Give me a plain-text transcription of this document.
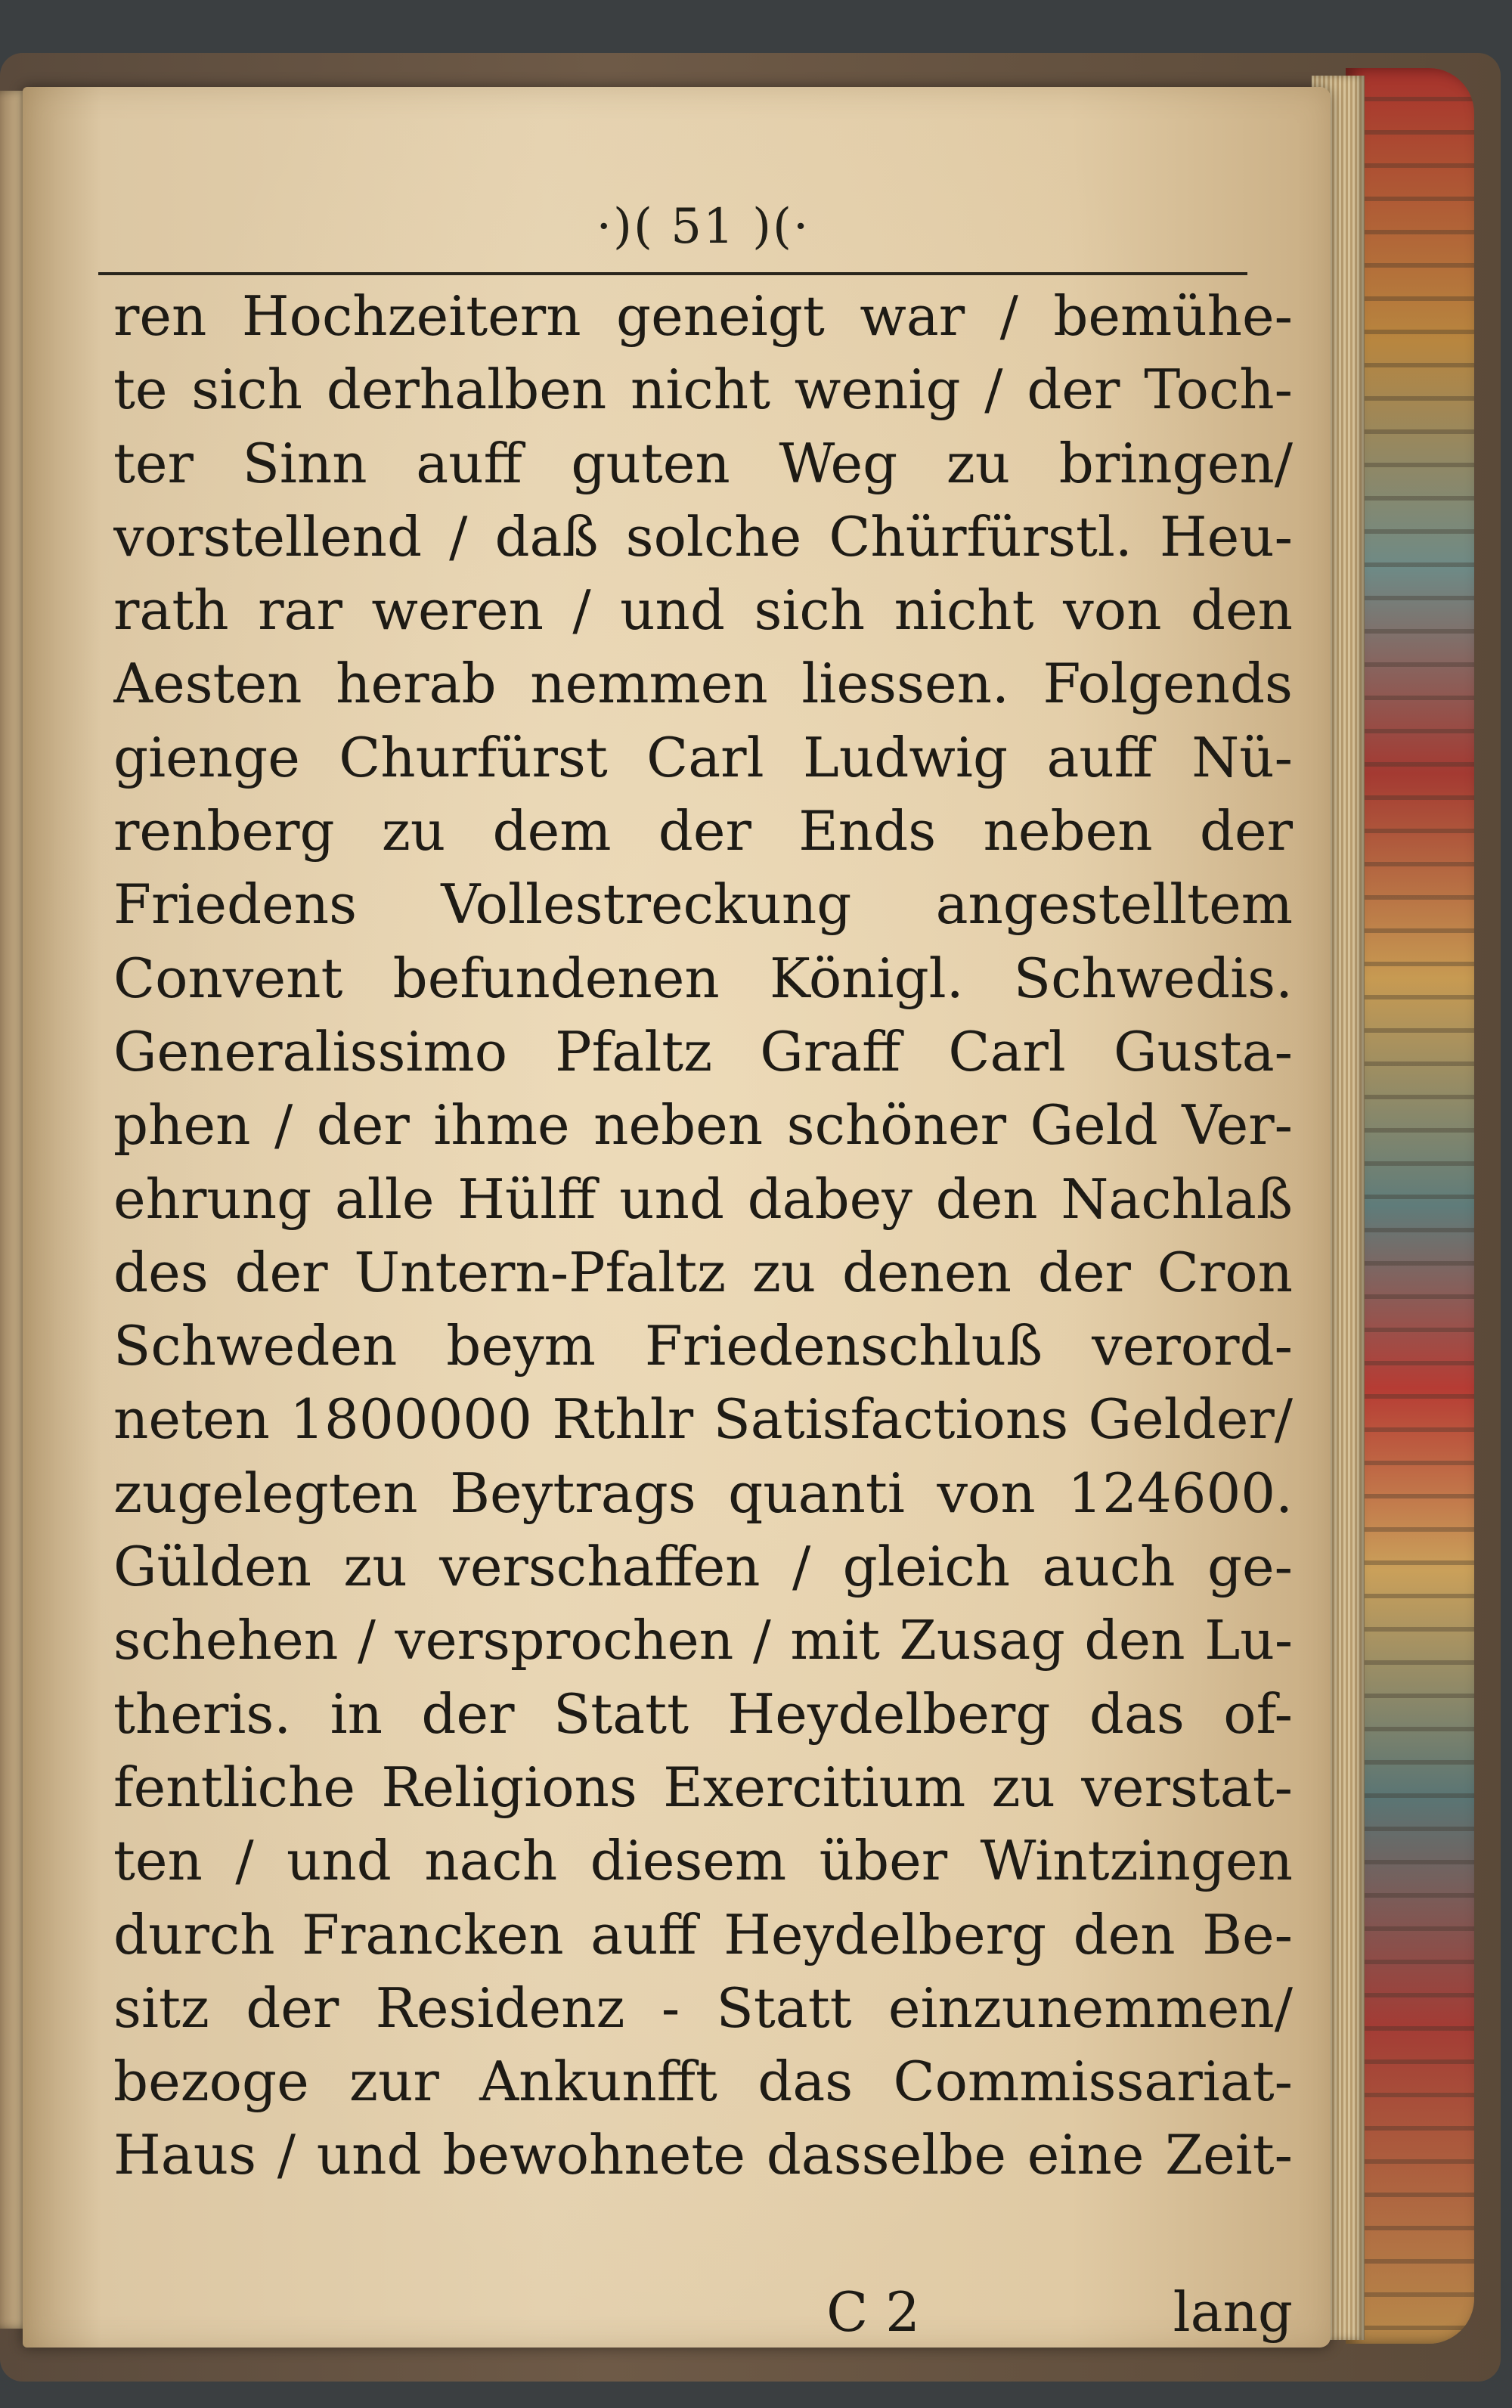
·)( 51 )(·
ren Hochzeitern geneigt war / bemühe-
te sich derhalben nicht wenig / der Toch-
ter Sinn auff guten Weg zu bringen/
vorstellend / daß solche Chürfürstl. Heu-
rath rar weren / und sich nicht von den
Aesten herab nemmen liessen. Folgends
gienge Churfürst Carl Ludwig auff Nü-
renberg zu dem der Ends neben der
Friedens Vollestreckung angestelltem
Convent befundenen Königl. Schwedis.
Generalissimo Pfaltz Graff Carl Gusta-
phen / der ihme neben schöner Geld Ver-
ehrung alle Hülff und dabey den Nachlaß
des der Untern-Pfaltz zu denen der Cron
Schweden beym Friedenschluß verord-
neten 1800000 Rthlr Satisfactions Gelder/
zugelegten Beytrags quanti von 124600.
Gülden zu verschaffen / gleich auch ge-
schehen / versprochen / mit Zusag den Lu-
theris. in der Statt Heydelberg das of-
fentliche Religions Exercitium zu verstat-
ten / und nach diesem über Wintzingen
durch Francken auff Heydelberg den Be-
sitz der Residenz - Statt einzunemmen/
bezoge zur Ankunfft das Commissariat-
Haus / und bewohnete dasselbe eine Zeit-
C 2	lang
